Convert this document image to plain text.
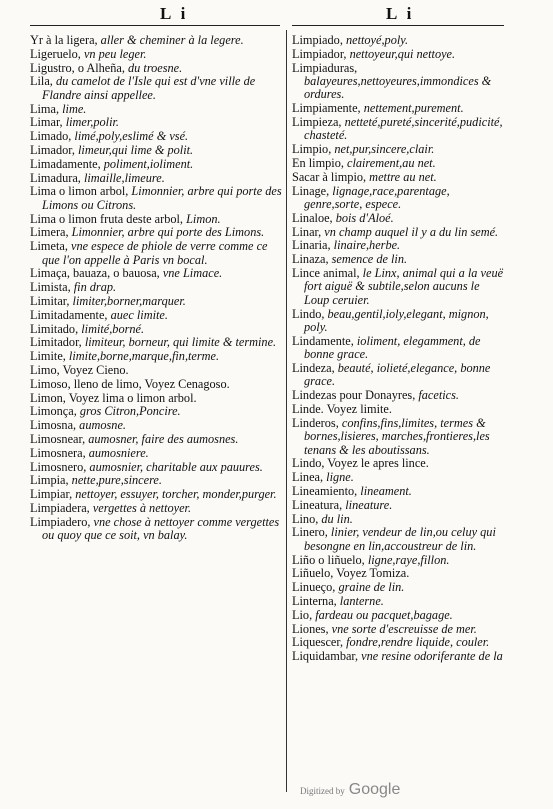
L i	L i
Yr à la ligera, aller & cheminer à la legere.
Ligeruelo, vn peu leger.
Ligustro, o Alheña, du troesne.
Lila, du camelot de l'Isle qui est d'vne ville de Flandre ainsi appellee.
Lima, lime.
Limar, limer,polir.
Limado, limé,poly,eslimé & vsé.
Limador, limeur,qui lime & polit.
Limadamente, poliment,ioliment.
Limadura, limaille,limeure.
Lima o limon arbol, Limonnier, arbre qui porte des Limons ou Citrons.
Lima o limon fruta deste arbol, Limon.
Limera, Limonnier, arbre qui porte des Limons.
Limeta, vne espece de phiole de verre comme ce que l'on appelle à Paris vn bocal.
Limaça, bauaza, o bauosa, vne Limace.
Limista, fin drap.
Limitar, limiter,borner,marquer.
Limitadamente, auec limite.
Limitado, limité,borné.
Limitador, limiteur, borneur, qui limite & termine.
Limite, limite,borne,marque,fin,terme.
Limo, Voyez Cieno.
Limoso, lleno de limo, Voyez Cenagoso.
Limon, Voyez lima o limon arbol.
Limonça, gros Citron,Poncire.
Limosna, aumosne.
Limosnear, aumosner, faire des aumosnes.
Limosnera, aumosniere.
Limosnero, aumosnier, charitable aux pauures.
Limpia, nette,pure,sincere.
Limpiar, nettoyer, essuyer, torcher, monder,purger.
Limpiadera, vergettes à nettoyer.
Limpiadero, vne chose à nettoyer comme vergettes ou quoy que ce soit, vn balay.
Limpiado, nettoyé,poly.
Limpiador, nettoyeur,qui nettoye.
Limpiaduras, balayeures,nettoyeures,immondices & ordures.
Limpiamente, nettement,purement.
Limpieza, netteté,pureté,sincerité,pudicité, chasteté.
Limpio, net,pur,sincere,clair.
En limpio, clairement,au net.
Sacar à limpio, mettre au net.
Linage, lignage,race,parentage, genre,sorte, espece.
Linaloe, bois d'Aloé.
Linar, vn champ auquel il y a du lin semé.
Linaria, linaire,herbe.
Linaza, semence de lin.
Lince animal, le Linx, animal qui a la veuë fort aiguë & subtile,selon aucuns le Loup ceruier.
Lindo, beau,gentil,ioly,elegant, mignon, poly.
Lindamente, ioliment, elegamment, de bonne grace.
Lindeza, beauté, iolieté,elegance, bonne grace.
Lindezas pour Donayres, facetics.
Linde. Voyez limite.
Linderos, confins,fins,limites, termes & bornes,lisieres, marches,frontieres,les tenans & les aboutissans.
Lindo, Voyez le apres lince.
Linea, ligne.
Lineamiento, lineament.
Lineatura, lineature.
Lino, du lin.
Linero, linier, vendeur de lin,ou celuy qui besongne en lin,accoustreur de lin.
Liño o liñuelo, ligne,raye,fillon.
Liñuelo, Voyez Tomiza.
Linueço, graine de lin.
Linterna, lanterne.
Lio, fardeau ou pacquet,bagage.
Liones, vne sorte d'escreuisse de mer.
Liquescer, fondre,rendre liquide, couler.
Liquidambar, vne resine odoriferante de la
Digitized by Google
